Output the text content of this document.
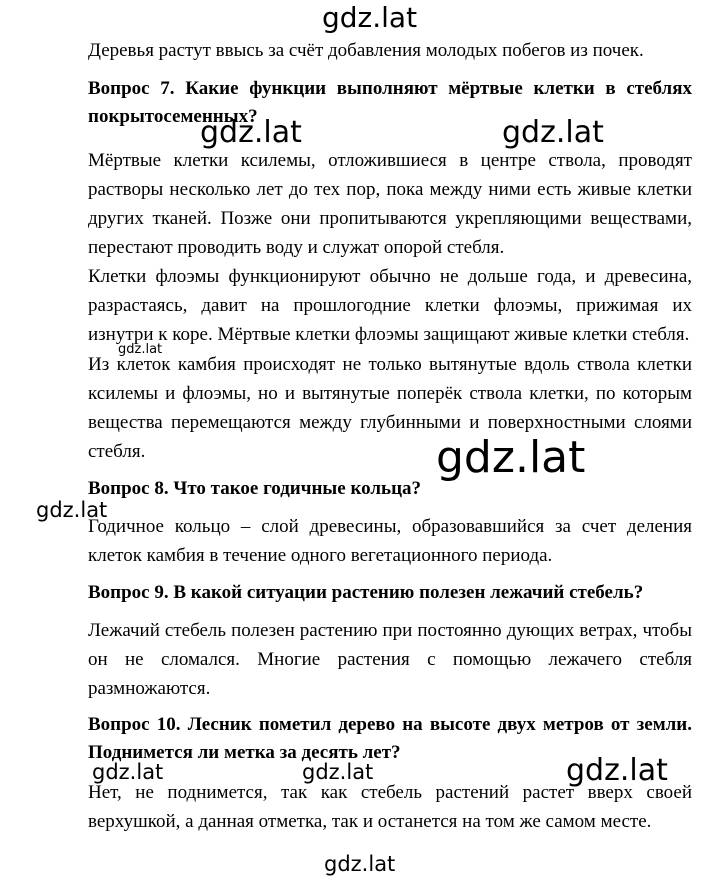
gdz.lat

Деревья растут ввысь за счёт добавления молодых побегов из почек.

Вопрос 7. Какие функции выполняют мёртвые клетки в стеблях покрытосеменных?

gdz.lat	gdz.lat

Мёртвые клетки ксилемы, отложившиеся в центре ствола, проводят растворы несколько лет до тех пор, пока между ними есть живые клетки других тканей. Позже они пропитываются укрепляющими веществами, перестают проводить воду и служат опорой стебля.

Клетки флоэмы функционируют обычно не дольше года, и древесина, разрастаясь, давит на прошлогодние клетки флоэмы, прижимая их изнутри к коре. Мёртвые клетки флоэмы защищают живые клетки стебля.

gdz.lat

Из клеток камбия происходят не только вытянутые вдоль ствола клетки ксилемы и флоэмы, но и вытянутые поперёк ствола клетки, по которым вещества перемещаются между глубинными и поверхностными слоями стебля.	gdz.lat

Вопрос 8. Что такое годичные кольца?

gdz.lat

Годичное кольцо – слой древесины, образовавшийся за счет деления клеток камбия в течение одного вегетационного периода.

Вопрос 9. В какой ситуации растению полезен лежачий стебель?

Лежачий стебель полезен растению при постоянно дующих ветрах, чтобы он не сломался. Многие растения с помощью лежачего стебля размножаются.

Вопрос 10. Лесник пометил дерево на высоте двух метров от земли. Поднимется ли метка за десять лет?

gdz.lat	gdz.lat	gdz.lat

Нет, не поднимется, так как стебель растений растет вверх своей верхушкой, а данная отметка, так и останется на том же самом месте.

gdz.lat
